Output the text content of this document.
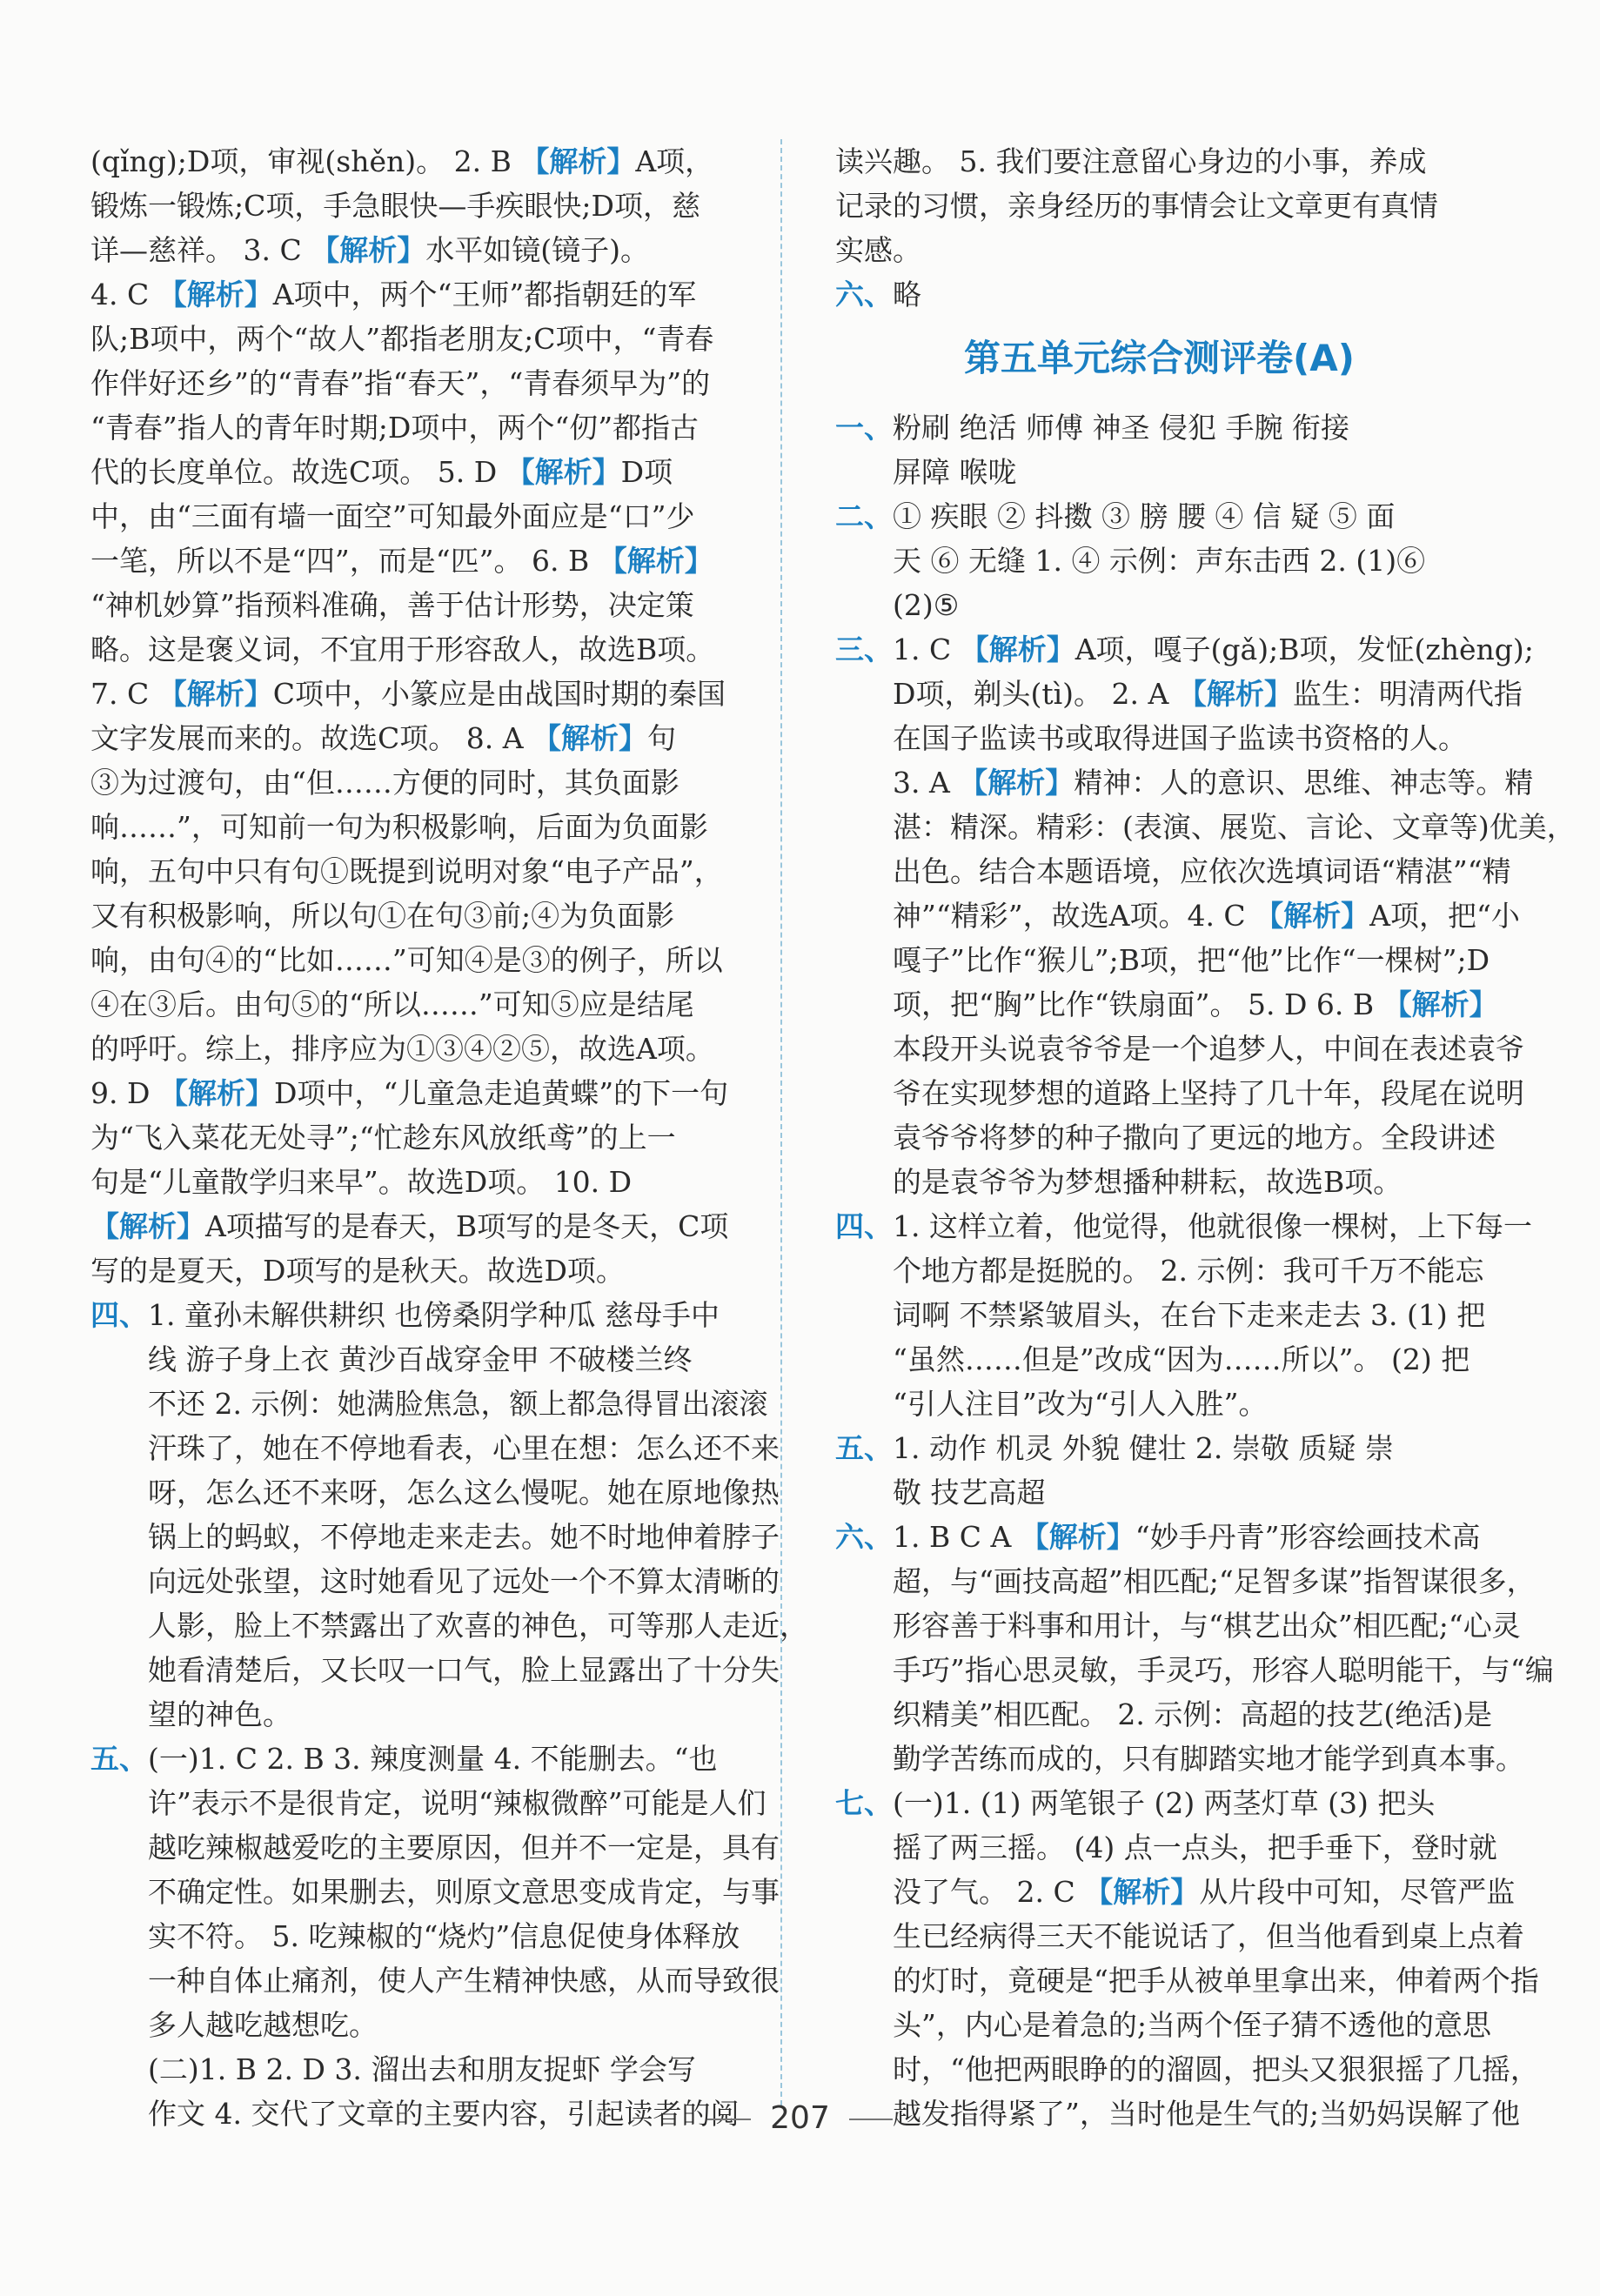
(qǐng);D项，审视(shěn)。 2. B 【解析】A项，
锻炼一锻炼;C项，手急眼快—手疾眼快;D项，慈
详—慈祥。 3. C 【解析】水平如镜(镜子)。
4. C 【解析】A项中，两个“王师”都指朝廷的军
队;B项中，两个“故人”都指老朋友;C项中，“青春
作伴好还乡”的“青春”指“春天”，“青春须早为”的
“青春”指人的青年时期;D项中，两个“仞”都指古
代的长度单位。故选C项。 5. D 【解析】D项
中，由“三面有墙一面空”可知最外面应是“口”少
一笔，所以不是“四”，而是“匹”。 6. B 【解析】
“神机妙算”指预料准确，善于估计形势，决定策
略。这是褒义词，不宜用于形容敌人，故选B项。
7. C 【解析】C项中，小篆应是由战国时期的秦国
文字发展而来的。故选C项。 8. A 【解析】句
③为过渡句，由“但……方便的同时，其负面影
响……”，可知前一句为积极影响，后面为负面影
响，五句中只有句①既提到说明对象“电子产品”，
又有积极影响，所以句①在句③前;④为负面影
响，由句④的“比如……”可知④是③的例子，所以
④在③后。由句⑤的“所以……”可知⑤应是结尾
的呼吁。综上，排序应为①③④②⑤，故选A项。
9. D 【解析】D项中，“儿童急走追黄蝶”的下一句
为“飞入菜花无处寻”;“忙趁东风放纸鸢”的上一
句是“儿童散学归来早”。故选D项。 10. D
【解析】A项描写的是春天，B项写的是冬天，C项
写的是夏天，D项写的是秋天。故选D项。
四、1. 童孙未解供耕织 也傍桑阴学种瓜 慈母手中
线 游子身上衣 黄沙百战穿金甲 不破楼兰终
不还 2. 示例：她满脸焦急，额上都急得冒出滚滚
汗珠了，她在不停地看表，心里在想：怎么还不来
呀，怎么还不来呀，怎么这么慢呢。她在原地像热
锅上的蚂蚁，不停地走来走去。她不时地伸着脖子
向远处张望，这时她看见了远处一个不算太清晰的
人影，脸上不禁露出了欢喜的神色，可等那人走近，
她看清楚后，又长叹一口气，脸上显露出了十分失
望的神色。
五、(一)1. C 2. B 3. 辣度测量 4. 不能删去。“也
许”表示不是很肯定，说明“辣椒微醉”可能是人们
越吃辣椒越爱吃的主要原因，但并不一定是，具有
不确定性。如果删去，则原文意思变成肯定，与事
实不符。 5. 吃辣椒的“烧灼”信息促使身体释放
一种自体止痛剂，使人产生精神快感，从而导致很
多人越吃越想吃。
(二)1. B 2. D 3. 溜出去和朋友捉虾 学会写
作文 4. 交代了文章的主要内容，引起读者的阅
读兴趣。 5. 我们要注意留心身边的小事，养成
记录的习惯，亲身经历的事情会让文章更有真情
实感。
六、略
第五单元综合测评卷(A)
一、粉刷 绝活 师傅 神圣 侵犯 手腕 衔接
屏障 喉咙
二、① 疾眼 ② 抖擞 ③ 膀 腰 ④ 信 疑 ⑤ 面
天 ⑥ 无缝 1. ④ 示例：声东击西 2. (1)⑥
(2)⑤
三、1. C 【解析】A项，嘎子(gǎ);B项，发怔(zhèng);
D项，剃头(tì)。 2. A 【解析】监生：明清两代指
在国子监读书或取得进国子监读书资格的人。
3. A 【解析】精神：人的意识、思维、神志等。精
湛：精深。精彩：(表演、展览、言论、文章等)优美，
出色。结合本题语境，应依次选填词语“精湛”“精
神”“精彩”，故选A项。4. C 【解析】A项，把“小
嘎子”比作“猴儿”;B项，把“他”比作“一棵树”;D
项，把“胸”比作“铁扇面”。 5. D 6. B 【解析】
本段开头说袁爷爷是一个追梦人，中间在表述袁爷
爷在实现梦想的道路上坚持了几十年，段尾在说明
袁爷爷将梦的种子撒向了更远的地方。全段讲述
的是袁爷爷为梦想播种耕耘，故选B项。
四、1. 这样立着，他觉得，他就很像一棵树，上下每一
个地方都是挺脱的。 2. 示例：我可千万不能忘
词啊 不禁紧皱眉头，在台下走来走去 3. (1) 把
“虽然……但是”改成“因为……所以”。 (2) 把
“引人注目”改为“引人入胜”。
五、1. 动作 机灵 外貌 健壮 2. 崇敬 质疑 崇
敬 技艺高超
六、1. B C A 【解析】“妙手丹青”形容绘画技术高
超，与“画技高超”相匹配;“足智多谋”指智谋很多，
形容善于料事和用计，与“棋艺出众”相匹配;“心灵
手巧”指心思灵敏，手灵巧，形容人聪明能干，与“编
织精美”相匹配。 2. 示例：高超的技艺(绝活)是
勤学苦练而成的，只有脚踏实地才能学到真本事。
七、(一)1. (1) 两笔银子 (2) 两茎灯草 (3) 把头
摇了两三摇。 (4) 点一点头，把手垂下，登时就
没了气。 2. C 【解析】从片段中可知，尽管严监
生已经病得三天不能说话了，但当他看到桌上点着
的灯时，竟硬是“把手从被单里拿出来，伸着两个指
头”，内心是着急的;当两个侄子猜不透他的意思
时，“他把两眼睁的的溜圆，把头又狠狠摇了几摇，
越发指得紧了”，当时他是生气的;当奶妈误解了他
207
